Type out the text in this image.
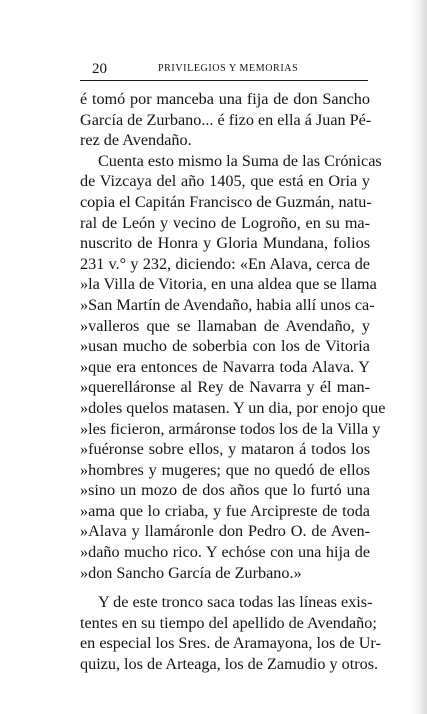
20	PRIVILEGIOS Y MEMORIAS
é tomó por manceba una fija de don Sancho
García de Zurbano... é fizo en ella á Juan Pé-
rez de Avendaño.
Cuenta esto mismo la Suma de las Crónicas
de Vizcaya del año 1405, que está en Oria y
copia el Capitán Francisco de Guzmán, natu-
ral de León y vecino de Logroño, en su ma-
nuscrito de Honra y Gloria Mundana, folios
231 v.° y 232, diciendo: «En Alava, cerca de
»la Villa de Vitoria, en una aldea que se llama
»San Martín de Avendaño, habia allí unos ca-
»valleros que se llamaban de Avendaño, y
»usan mucho de soberbia con los de Vitoria
»que era entonces de Navarra toda Alava. Y
»querelláronse al Rey de Navarra y él man-
»doles quelos matasen. Y un dia, por enojo que
»les ficieron, armáronse todos los de la Villa y
»fuéronse sobre ellos, y mataron á todos los
»hombres y mugeres; que no quedó de ellos
»sino un mozo de dos años que lo furtó una
»ama que lo criaba, y fue Arcipreste de toda
»Alava y llamáronle don Pedro O. de Aven-
»daño mucho rico. Y echóse con una hija de
»don Sancho García de Zurbano.»
Y de este tronco saca todas las líneas exis-
tentes en su tiempo del apellido de Avendaño;
en especial los Sres. de Aramayona, los de Ur-
quizu, los de Arteaga, los de Zamudio y otros.
